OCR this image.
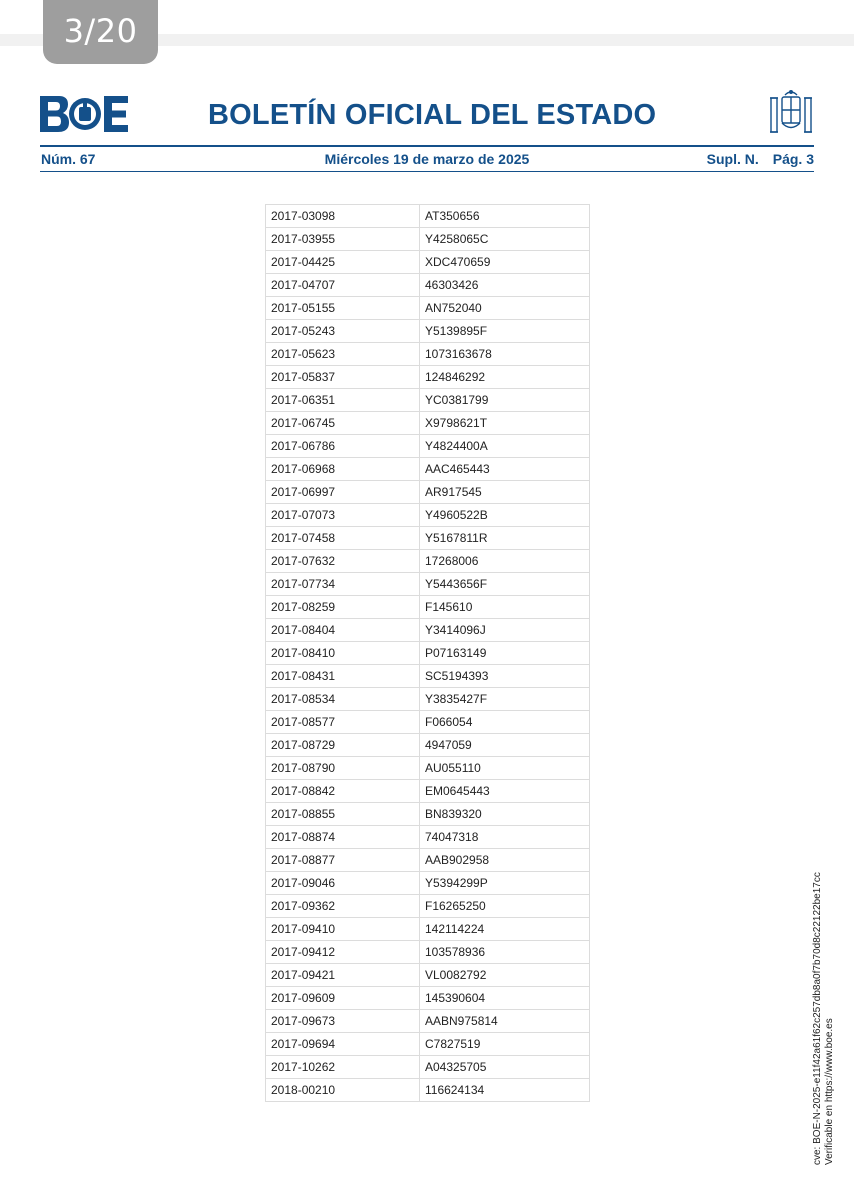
3/20
BOLETÍN OFICIAL DEL ESTADO
Núm. 67	Miércoles 19 de marzo de 2025	Supl. N. Pág. 3
2017-03098	AT350656
2017-03955	Y4258065C
2017-04425	XDC470659
2017-04707	46303426
2017-05155	AN752040
2017-05243	Y5139895F
2017-05623	1073163678
2017-05837	124846292
2017-06351	YC0381799
2017-06745	X9798621T
2017-06786	Y4824400A
2017-06968	AAC465443
2017-06997	AR917545
2017-07073	Y4960522B
2017-07458	Y5167811R
2017-07632	17268006
2017-07734	Y5443656F
2017-08259	F145610
2017-08404	Y3414096J
2017-08410	P07163149
2017-08431	SC5194393
2017-08534	Y3835427F
2017-08577	F066054
2017-08729	4947059
2017-08790	AU055110
2017-08842	EM0645443
2017-08855	BN839320
2017-08874	74047318
2017-08877	AAB902958
2017-09046	Y5394299P
2017-09362	F16265250
2017-09410	142114224
2017-09412	103578936
2017-09421	VL0082792
2017-09609	145390604
2017-09673	AABN975814
2017-09694	C7827519
2017-10262	A04325705
2018-00210	116624134	cve: BOE-N-2025-e11f42a61f62c257db8a0f7b70d8c22122be17cc Verificable en https://www.boe.es
